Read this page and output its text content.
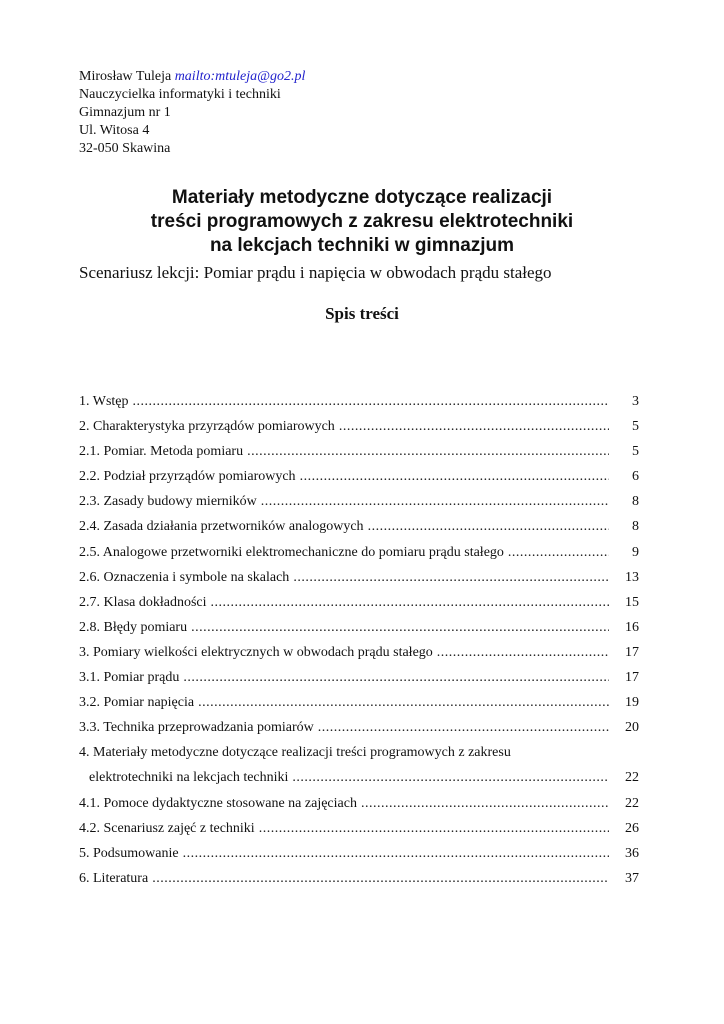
Mirosław Tuleja mailto:mtuleja@go2.pl
Nauczycielka informatyki i techniki
Gimnazjum nr 1
Ul. Witosa 4
32-050 Skawina
Materiały metodyczne dotyczące realizacji
treści programowych z zakresu elektrotechniki
na lekcjach techniki w gimnazjum
Scenariusz lekcji: Pomiar prądu i napięcia w obwodach prądu stałego
Spis treści
1. Wstęp .....	3
2. Charakterystyka przyrządów pomiarowych .....	5
2.1. Pomiar. Metoda pomiaru .....	5
2.2. Podział przyrządów pomiarowych .....	6
2.3. Zasady budowy mierników .....	8
2.4. Zasada działania przetworników analogowych .....	8
2.5. Analogowe przetworniki elektromechaniczne do pomiaru prądu stałego .....	9
2.6. Oznaczenia i symbole na skalach .....	13
2.7. Klasa dokładności .....	15
2.8. Błędy pomiaru .....	16
3. Pomiary wielkości elektrycznych w obwodach prądu stałego .....	17
3.1. Pomiar prądu .....	17
3.2. Pomiar napięcia .....	19
3.3. Technika przeprowadzania pomiarów .....	20
4. Materiały metodyczne dotyczące realizacji treści programowych z zakresu
elektrotechniki na lekcjach techniki .....	22
4.1. Pomoce dydaktyczne stosowane na zajęciach .....	22
4.2. Scenariusz zajęć z techniki .....	26
5. Podsumowanie .....	36
6. Literatura .....	37
